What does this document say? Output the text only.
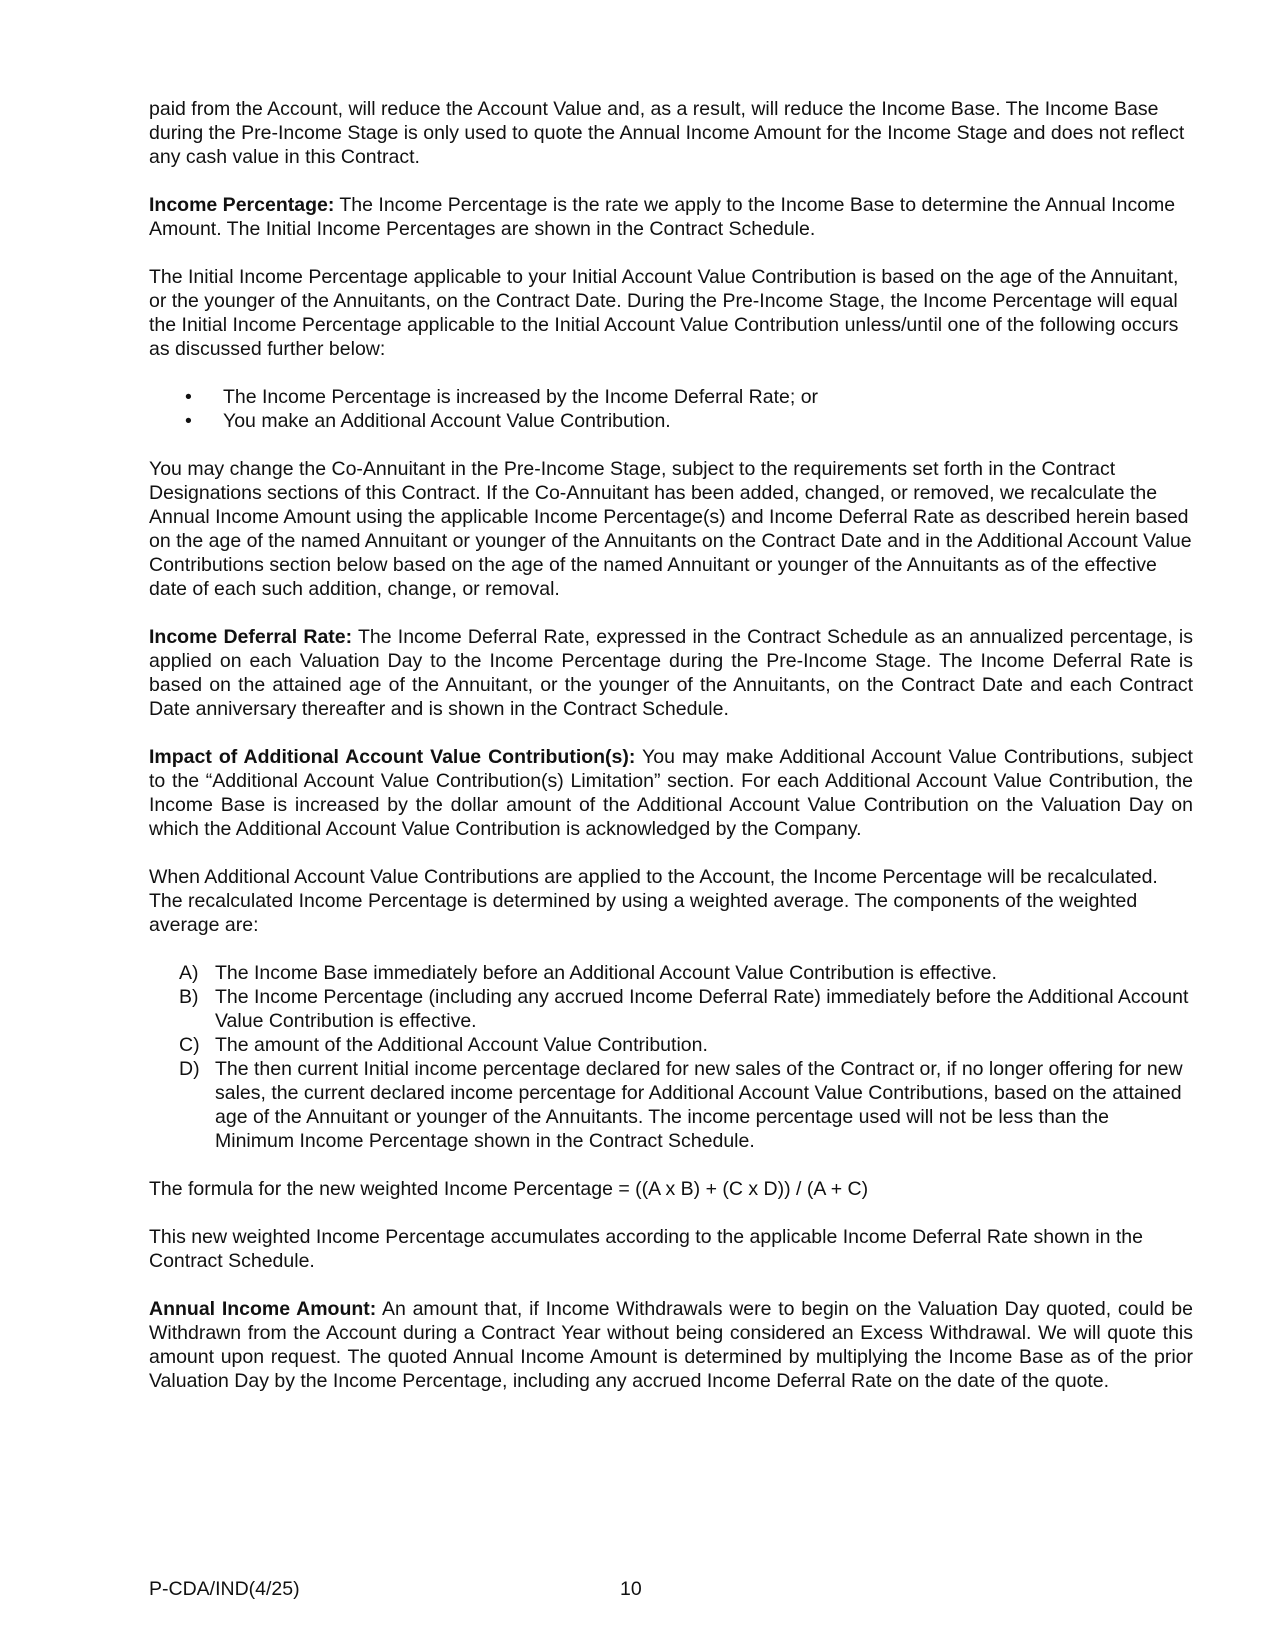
paid from the Account, will reduce the Account Value and, as a result, will reduce the Income Base. The Income Base during the Pre-Income Stage is only used to quote the Annual Income Amount for the Income Stage and does not reflect any cash value in this Contract.

Income Percentage: The Income Percentage is the rate we apply to the Income Base to determine the Annual Income Amount. The Initial Income Percentages are shown in the Contract Schedule.

The Initial Income Percentage applicable to your Initial Account Value Contribution is based on the age of the Annuitant, or the younger of the Annuitants, on the Contract Date. During the Pre-Income Stage, the Income Percentage will equal the Initial Income Percentage applicable to the Initial Account Value Contribution unless/until one of the following occurs as discussed further below:

• The Income Percentage is increased by the Income Deferral Rate; or
• You make an Additional Account Value Contribution.

You may change the Co-Annuitant in the Pre-Income Stage, subject to the requirements set forth in the Contract Designations sections of this Contract. If the Co-Annuitant has been added, changed, or removed, we recalculate the Annual Income Amount using the applicable Income Percentage(s) and Income Deferral Rate as described herein based on the age of the named Annuitant or younger of the Annuitants on the Contract Date and in the Additional Account Value Contributions section below based on the age of the named Annuitant or younger of the Annuitants as of the effective date of each such addition, change, or removal.

Income Deferral Rate: The Income Deferral Rate, expressed in the Contract Schedule as an annualized percentage, is applied on each Valuation Day to the Income Percentage during the Pre-Income Stage. The Income Deferral Rate is based on the attained age of the Annuitant, or the younger of the Annuitants, on the Contract Date and each Contract Date anniversary thereafter and is shown in the Contract Schedule.

Impact of Additional Account Value Contribution(s): You may make Additional Account Value Contributions, subject to the “Additional Account Value Contribution(s) Limitation” section. For each Additional Account Value Contribution, the Income Base is increased by the dollar amount of the Additional Account Value Contribution on the Valuation Day on which the Additional Account Value Contribution is acknowledged by the Company.

When Additional Account Value Contributions are applied to the Account, the Income Percentage will be recalculated. The recalculated Income Percentage is determined by using a weighted average. The components of the weighted average are:

A) The Income Base immediately before an Additional Account Value Contribution is effective.
B) The Income Percentage (including any accrued Income Deferral Rate) immediately before the Additional Account Value Contribution is effective.
C) The amount of the Additional Account Value Contribution.
D) The then current Initial income percentage declared for new sales of the Contract or, if no longer offering for new sales, the current declared income percentage for Additional Account Value Contributions, based on the attained age of the Annuitant or younger of the Annuitants. The income percentage used will not be less than the Minimum Income Percentage shown in the Contract Schedule.

The formula for the new weighted Income Percentage = ((A x B) + (C x D)) / (A + C)

This new weighted Income Percentage accumulates according to the applicable Income Deferral Rate shown in the Contract Schedule.

Annual Income Amount: An amount that, if Income Withdrawals were to begin on the Valuation Day quoted, could be Withdrawn from the Account during a Contract Year without being considered an Excess Withdrawal. We will quote this amount upon request. The quoted Annual Income Amount is determined by multiplying the Income Base as of the prior Valuation Day by the Income Percentage, including any accrued Income Deferral Rate on the date of the quote.

P-CDA/IND(4/25)	10
